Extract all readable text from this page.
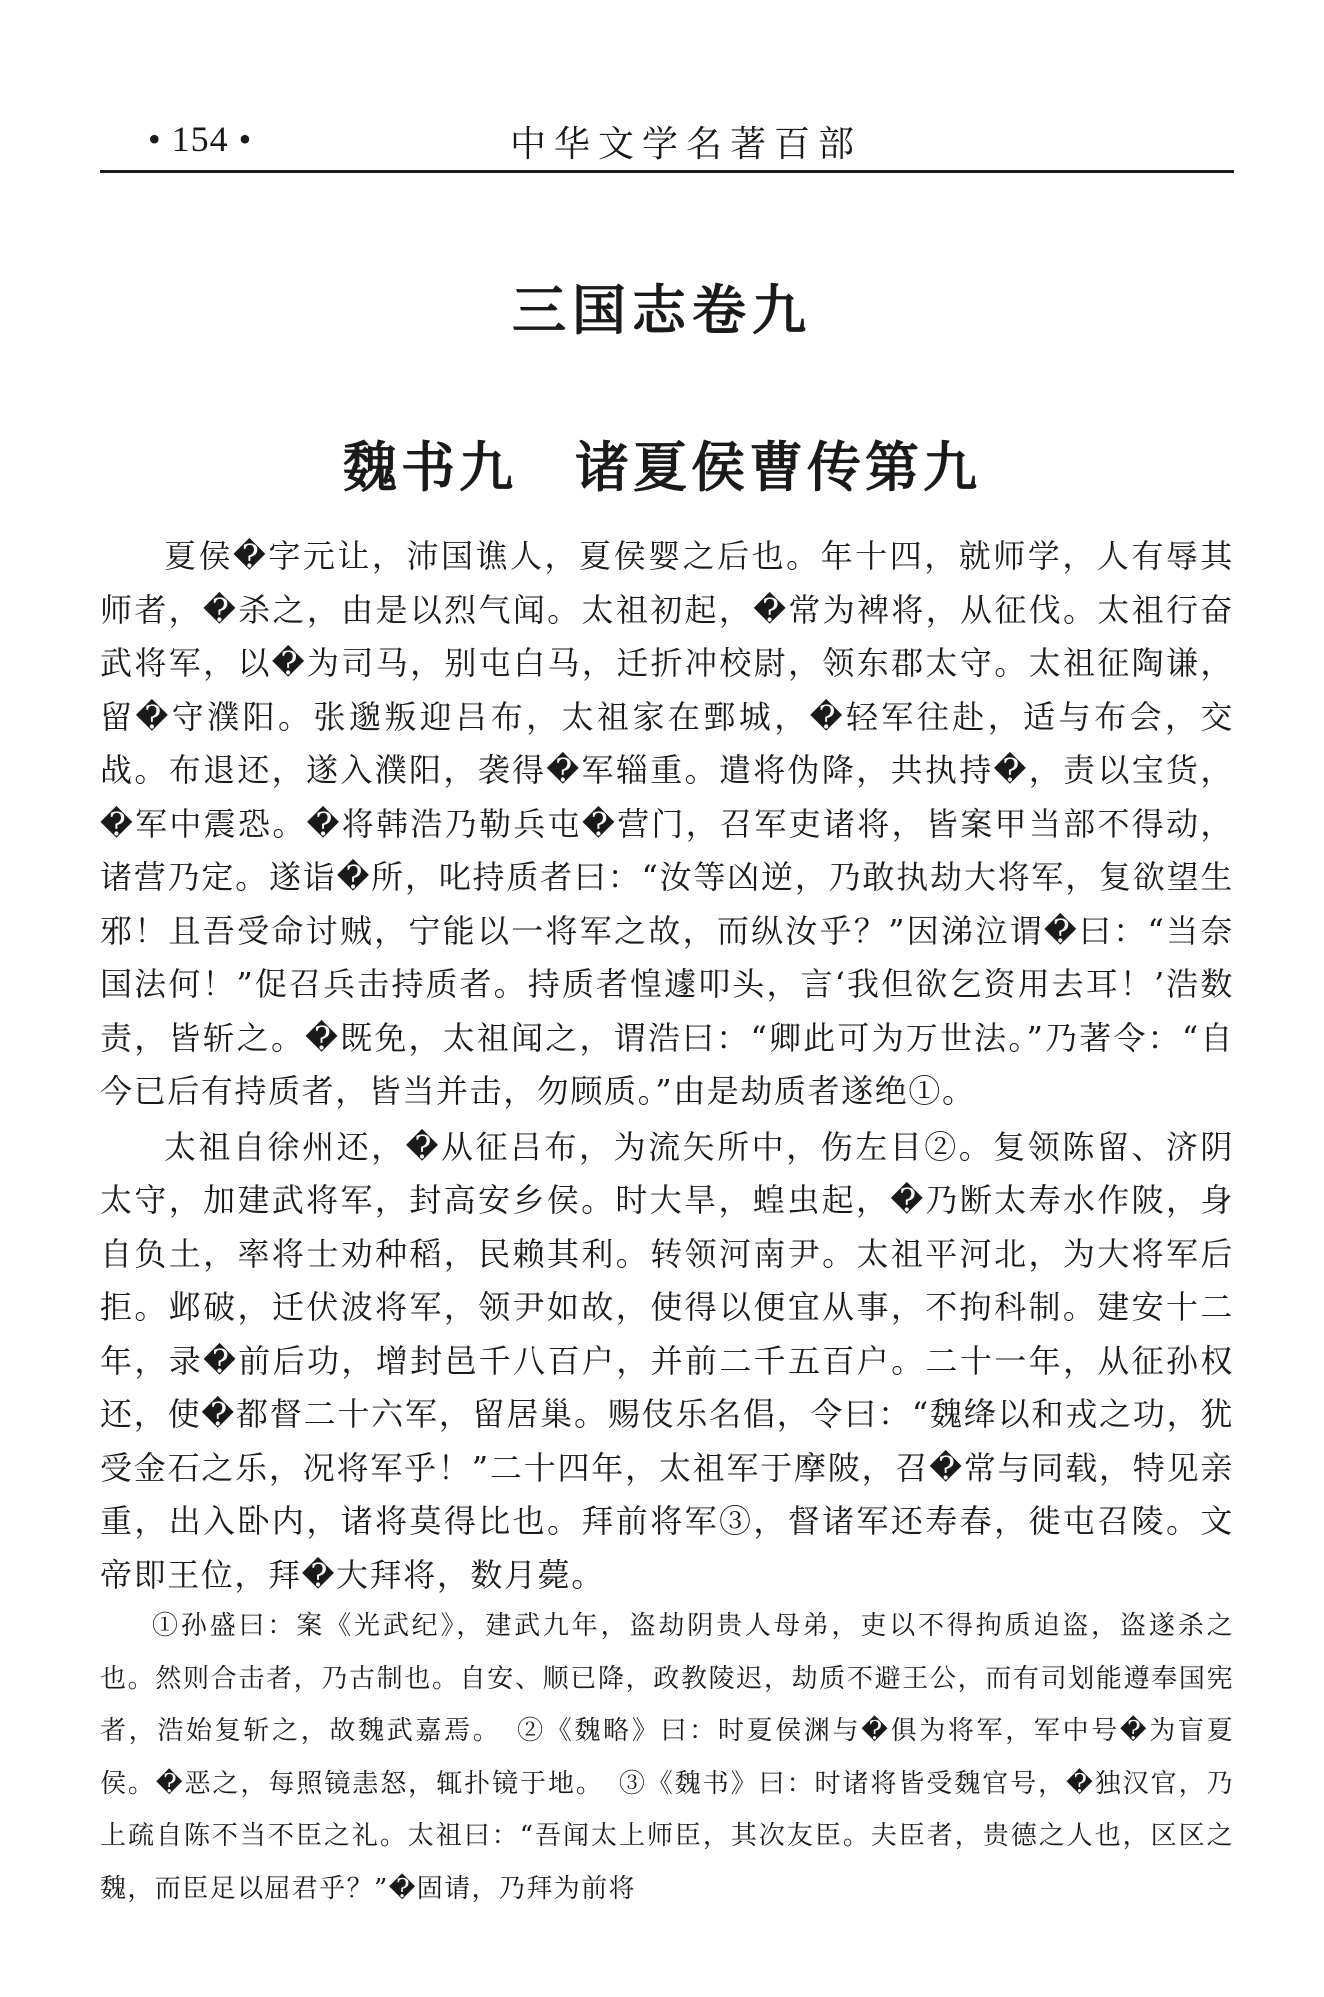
• 154 •	中华文学名著百部
三国志卷九
魏书九　诸夏侯曹传第九

夏侯�字元让，沛国谯人，夏侯婴之后也。年十四，就师学，人有辱其师者，�杀之，由是以烈气闻。太祖初起，�常为裨将，从征伐。太祖行奋武将军，以�为司马，别屯白马，迁折冲校尉，领东郡太守。太祖征陶谦，留�守濮阳。张邈叛迎吕布，太祖家在鄄城，�轻军往赴，适与布会，交战。布退还，遂入濮阳，袭得�军辎重。遣将伪降，共执持�，责以宝货，�军中震恐。�将韩浩乃勒兵屯�营门，召军吏诸将，皆案甲当部不得动，诸营乃定。遂诣�所，叱持质者曰：“汝等凶逆，乃敢执劫大将军，复欲望生邪！且吾受命讨贼，宁能以一将军之故，而纵汝乎？”因涕泣谓�曰：“当奈国法何！”促召兵击持质者。持质者惶遽叩头，言‘我但欲乞资用去耳！’浩数责，皆斩之。�既免，太祖闻之，谓浩曰：“卿此可为万世法。”乃著令：“自今已后有持质者，皆当并击，勿顾质。”由是劫质者遂绝①。

太祖自徐州还，�从征吕布，为流矢所中，伤左目②。复领陈留、济阴太守，加建武将军，封高安乡侯。时大旱，蝗虫起，�乃断太寿水作陂，身自负土，率将士劝种稻，民赖其利。转领河南尹。太祖平河北，为大将军后拒。邺破，迁伏波将军，领尹如故，使得以便宜从事，不拘科制。建安十二年，录�前后功，增封邑千八百户，并前二千五百户。二十一年，从征孙权还，使�都督二十六军，留居巢。赐伎乐名倡，令曰：“魏绛以和戎之功，犹受金石之乐，况将军乎！”二十四年，太祖军于摩陂，召�常与同载，特见亲重，出入卧内，诸将莫得比也。拜前将军③，督诸军还寿春，徙屯召陵。文帝即王位，拜�大拜将，数月薨。

①孙盛曰：案《光武纪》，建武九年，盗劫阴贵人母弟，吏以不得拘质迫盗，盗遂杀之也。然则合击者，乃古制也。自安、顺已降，政教陵迟，劫质不避王公，而有司划能遵奉国宪者，浩始复斩之，故魏武嘉焉。　②《魏略》曰：时夏侯渊与�俱为将军，军中号�为盲夏侯。�恶之，每照镜恚怒，辄扑镜于地。　③《魏书》曰：时诸将皆受魏官号，�独汉官，乃上疏自陈不当不臣之礼。太祖曰：“吾闻太上师臣，其次友臣。夫臣者，贵德之人也，区区之魏，而臣足以屈君乎？”�固请，乃拜为前将
